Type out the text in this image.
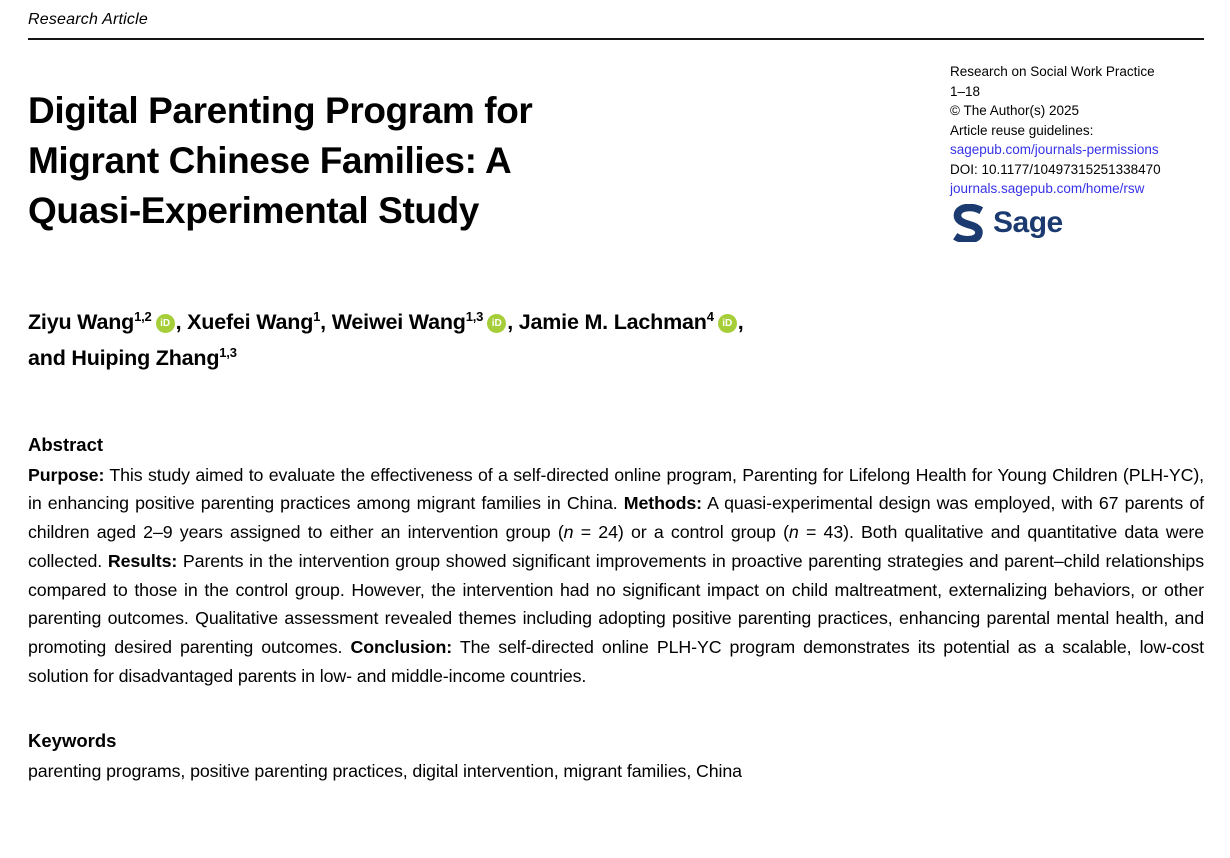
Research Article
Digital Parenting Program for
Migrant Chinese Families: A
Quasi-Experimental Study
Research on Social Work Practice
1–18
© The Author(s) 2025
Article reuse guidelines:
sagepub.com/journals-permissions
DOI: 10.1177/10497315251338470
journals.sagepub.com/home/rsw
Sage

Ziyu Wang$^{1,2}$ iD , Xuefei Wang$^1$, Weiwei Wang$^{1,3}$ iD , Jamie M. Lachman$^4$ iD ,
and Huiping Zhang$^{1,3}$

Abstract

Purpose: This study aimed to evaluate the effectiveness of a self-directed online program, Parenting for Lifelong Health for Young Children (PLH-YC), in enhancing positive parenting practices among migrant families in China. Methods: A quasi-experimental design was employed, with 67 parents of children aged 2–9 years assigned to either an intervention group (n = 24) or a control group (n = 43). Both qualitative and quantitative data were collected. Results: Parents in the intervention group showed significant improvements in proactive parenting strategies and parent–child relationships compared to those in the control group. However, the intervention had no significant impact on child maltreatment, externalizing behaviors, or other parenting outcomes. Qualitative assessment revealed themes including adopting positive parenting practices, enhancing parental mental health, and promoting desired parenting outcomes. Conclusion: The self-directed online PLH-YC program demonstrates its potential as a scalable, low-cost solution for disadvantaged parents in low- and middle-income countries.

Keywords

parenting programs, positive parenting practices, digital intervention, migrant families, China
